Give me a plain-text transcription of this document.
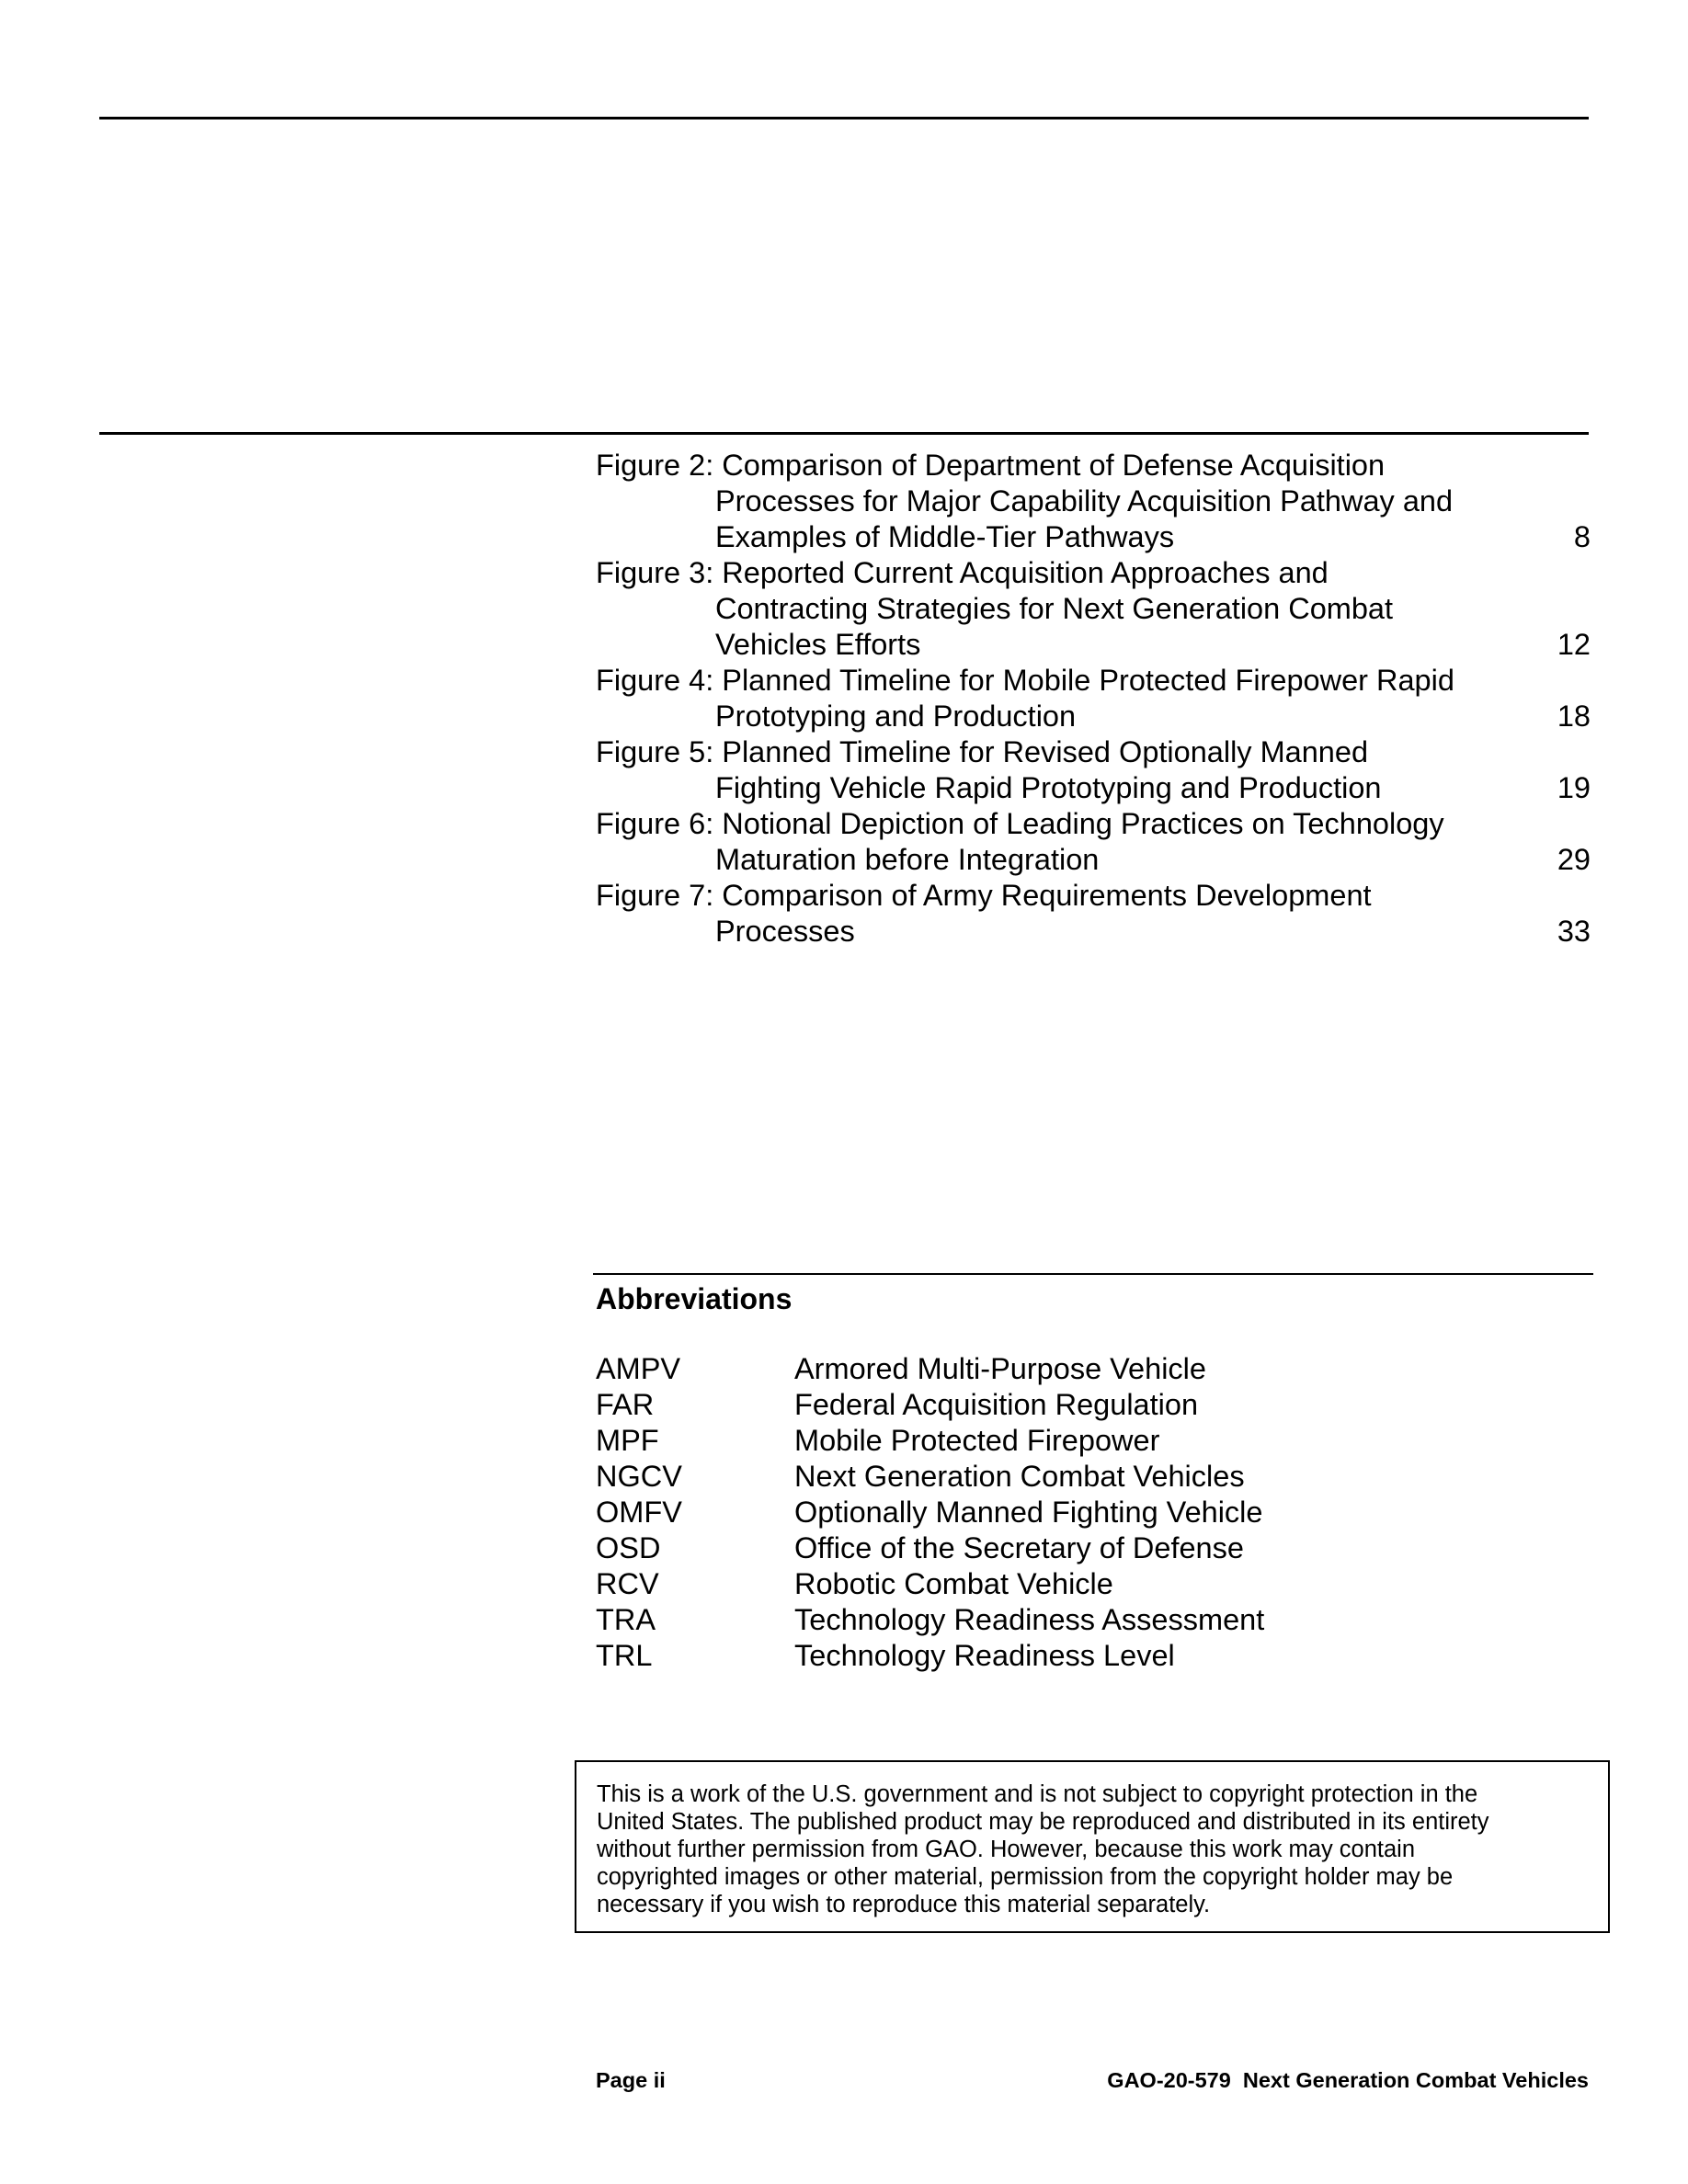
Figure 2: Comparison of Department of Defense Acquisition
Processes for Major Capability Acquisition Pathway and
Examples of Middle-Tier Pathways	8
Figure 3: Reported Current Acquisition Approaches and
Contracting Strategies for Next Generation Combat
Vehicles Efforts	12
Figure 4: Planned Timeline for Mobile Protected Firepower Rapid
Prototyping and Production	18
Figure 5: Planned Timeline for Revised Optionally Manned
Fighting Vehicle Rapid Prototyping and Production	19
Figure 6: Notional Depiction of Leading Practices on Technology
Maturation before Integration	29
Figure 7: Comparison of Army Requirements Development
Processes	33
Abbreviations
AMPV	Armored Multi-Purpose Vehicle
FAR	Federal Acquisition Regulation
MPF	Mobile Protected Firepower
NGCV	Next Generation Combat Vehicles
OMFV	Optionally Manned Fighting Vehicle
OSD	Office of the Secretary of Defense
RCV	Robotic Combat Vehicle
TRA	Technology Readiness Assessment
TRL	Technology Readiness Level
This is a work of the U.S. government and is not subject to copyright protection in the
United States. The published product may be reproduced and distributed in its entirety
without further permission from GAO. However, because this work may contain
copyrighted images or other material, permission from the copyright holder may be
necessary if you wish to reproduce this material separately.
Page ii	GAO-20-579  Next Generation Combat Vehicles
